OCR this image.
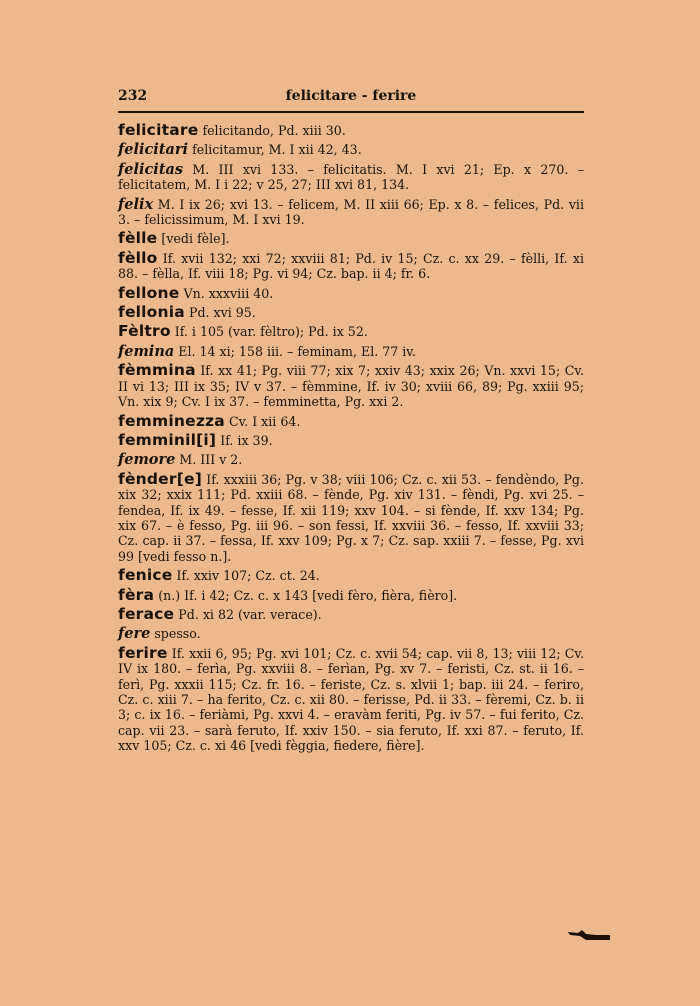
232	felicitare - ferire

felicitare felicitando, Pd. xiii 30.

felicitari felicitamur, M. I xii 42, 43.

felicitas M. III xvi 133. – felicitatis. M. I xvi 21; Ep. x 270. – felicitatem, M. I i 22; v 25, 27; III xvi 81, 134.

felix M. I ix 26; xvi 13. – felicem, M. II xiii 66; Ep. x 8. – felices, Pd. vii 3. – felicissimum, M. I xvi 19.

fèlle [vedi fèle].

fèllo If. xvii 132; xxi 72; xxviii 81; Pd. iv 15; Cz. c. xx 29. – fèlli, If. xi 88. – fèlla, If. viii 18; Pg. vi 94; Cz. bap. ii 4; fr. 6.

fellone Vn. xxxviii 40.

fellonia Pd. xvi 95.

Fèltro If. i 105 (var. fèltro); Pd. ix 52.

femina El. 14 xi; 158 iii. – feminam, El. 77 iv.

fèmmina If. xx 41; Pg. viii 77; xix 7; xxiv 43; xxix 26; Vn. xxvi 15; Cv. II vi 13; III ix 35; IV v 37. – fèmmine, If. iv 30; xviii 66, 89; Pg. xxiii 95; Vn. xix 9; Cv. I ix 37. – femminetta, Pg. xxi 2.

femminezza Cv. I xii 64.

femminil[i] If. ix 39.

femore M. III v 2.

fènder[e] If. xxxiii 36; Pg. v 38; viii 106; Cz. c. xii 53. – fendèndo, Pg. xix 32; xxix 111; Pd. xxiii 68. – fènde, Pg. xiv 131. – fèndi, Pg. xvi 25. – fendea, If. ix 49. – fesse, If. xii 119; xxv 104. – si fènde, If. xxv 134; Pg. xix 67. – è fesso, Pg. iii 96. – son fessi, If. xxviii 36. – fesso, If. xxviii 33; Cz. cap. ii 37. – fessa, If. xxv 109; Pg. x 7; Cz. sap. xxiii 7. – fesse, Pg. xvi 99 [vedi fesso n.].

fenice If. xxiv 107; Cz. ct. 24.

fèra (n.) If. i 42; Cz. c. x 143 [vedi fèro, fièra, fièro].

ferace Pd. xi 82 (var. verace).

fere spesso.

ferire If. xxii 6, 95; Pg. xvi 101; Cz. c. xvii 54; cap. vii 8, 13; viii 12; Cv. IV ix 180. – ferìa, Pg. xxviii 8. – ferìan, Pg. xv 7. – feristi, Cz. st. ii 16. – ferì, Pg. xxxii 115; Cz. fr. 16. – feriste, Cz. s. xlvii 1; bap. iii 24. – feriro, Cz. c. xiii 7. – ha ferito, Cz. c. xii 80. – ferisse, Pd. ii 33. – fèremi, Cz. b. ii 3; c. ix 16. – feriàmi, Pg. xxvi 4. – eravàm feriti, Pg. iv 57. – fui ferito, Cz. cap. vii 23. – sarà feruto, If. xxiv 150. – sia feruto, If. xxi 87. – feruto, If. xxv 105; Cz. c. xi 46 [vedi fèggia, fiedere, fière].
